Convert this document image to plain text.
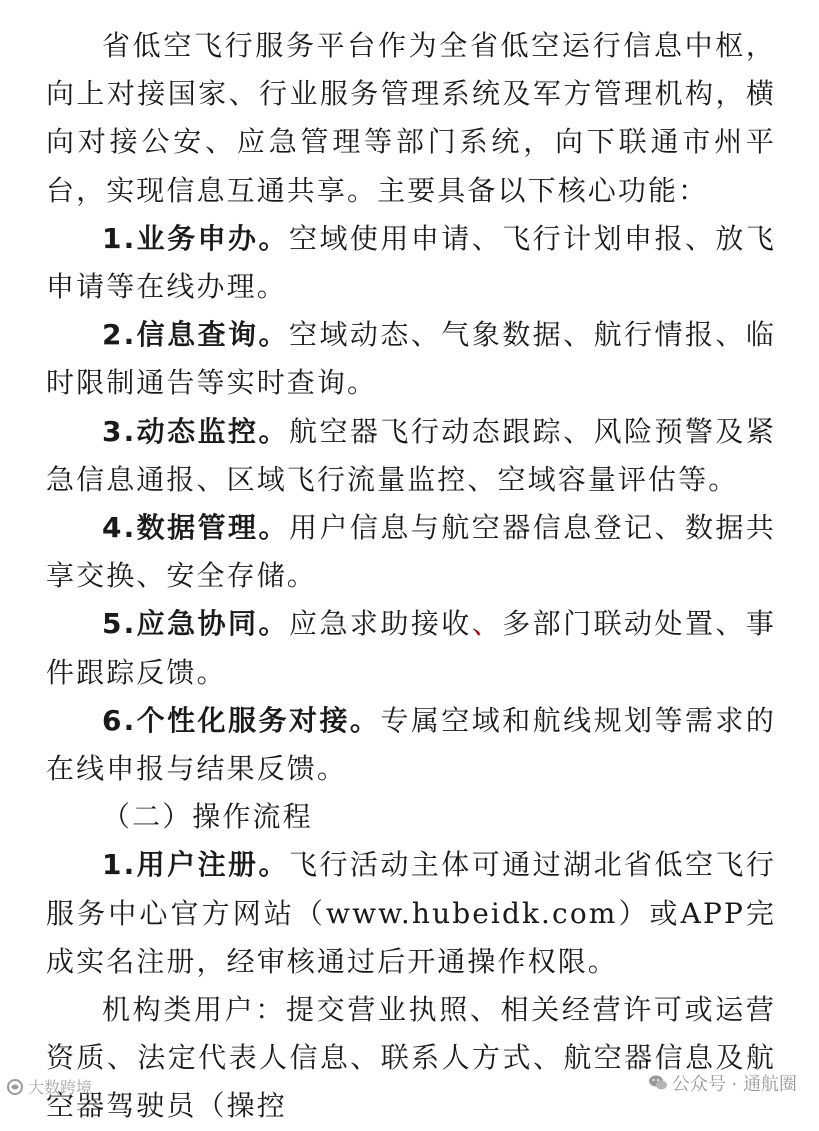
省低空飞行服务平台作为全省低空运行信息中枢，向上对接国家、行业服务管理系统及军方管理机构，横向对接公安、应急管理等部门系统，向下联通市州平台，实现信息互通共享。主要具备以下核心功能：

1.业务申办。空域使用申请、飞行计划申报、放飞申请等在线办理。

2.信息查询。空域动态、气象数据、航行情报、临时限制通告等实时查询。

3.动态监控。航空器飞行动态跟踪、风险预警及紧急信息通报、区域飞行流量监控、空域容量评估等。

4.数据管理。用户信息与航空器信息登记、数据共享交换、安全存储。

5.应急协同。应急求助接收、多部门联动处置、事件跟踪反馈。

6.个性化服务对接。专属空域和航线规划等需求的在线申报与结果反馈。

（二）操作流程

1.用户注册。飞行活动主体可通过湖北省低空飞行服务中心官方网站（www.hubeidk.com）或APP完成实名注册，经审核通过后开通操作权限。

机构类用户：提交营业执照、相关经营许可或运营资质、法定代表人信息、联系人方式、航空器信息及航空器驾驶员（操控

大数跨境	公众号 · 通航圈
